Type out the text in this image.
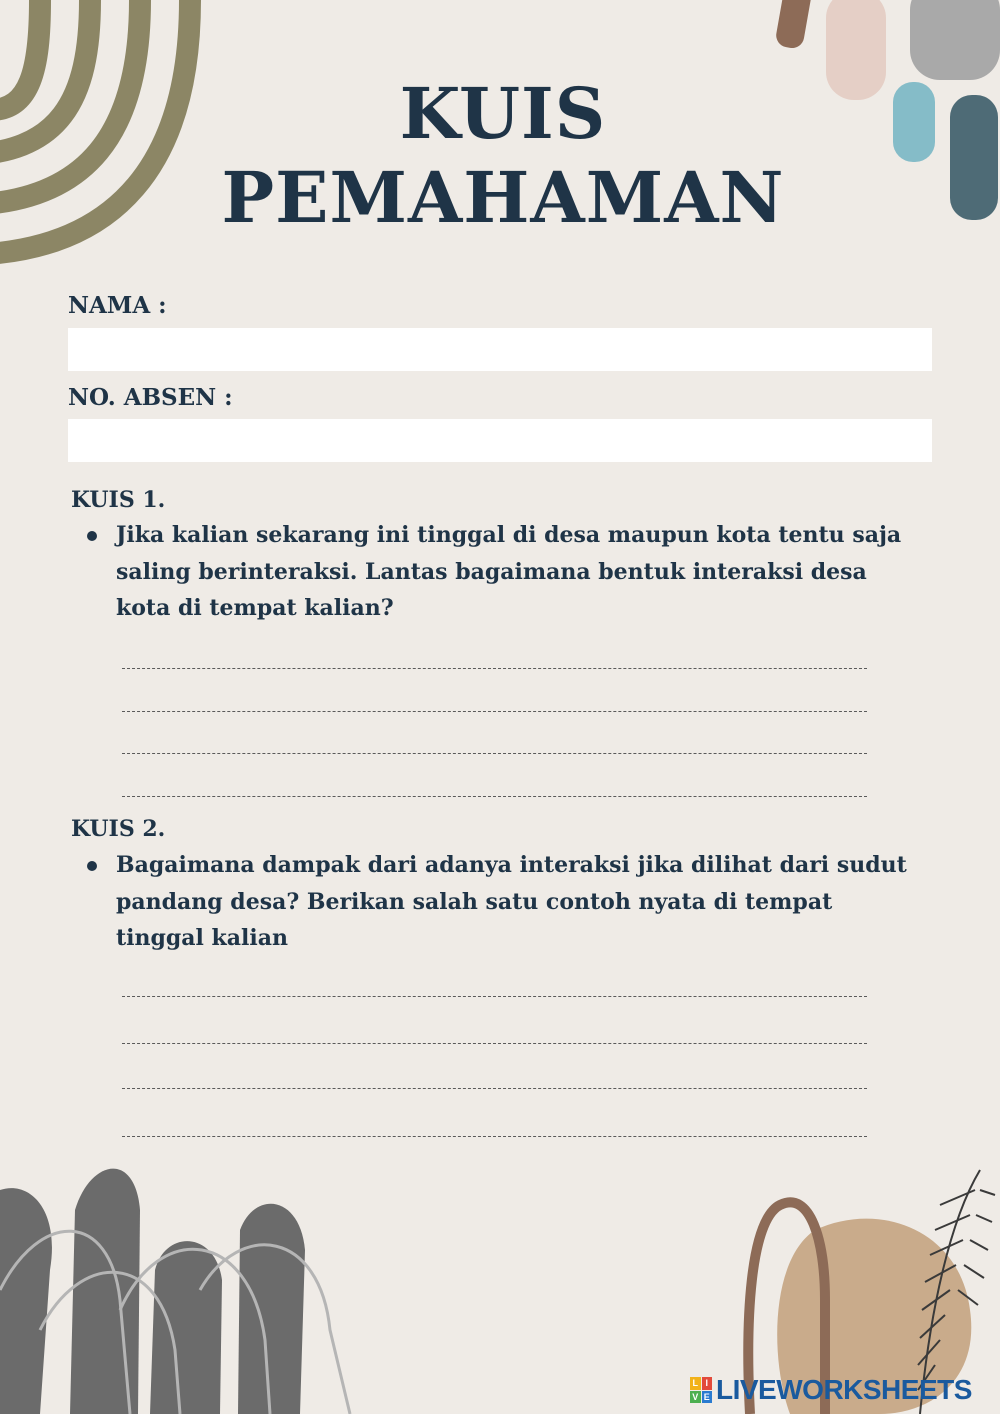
KUIS
PEMAHAMAN
NAMA :
NO. ABSEN :
KUIS 1.
Jika kalian sekarang ini tinggal di desa maupun kota tentu saja saling berinteraksi. Lantas bagaimana bentuk interaksi desa kota di tempat kalian?
KUIS 2.
Bagaimana dampak dari adanya interaksi jika dilihat dari sudut pandang desa? Berikan salah satu contoh nyata di tempat tinggal kalian
L I
V E LIVEWORKSHEETS
